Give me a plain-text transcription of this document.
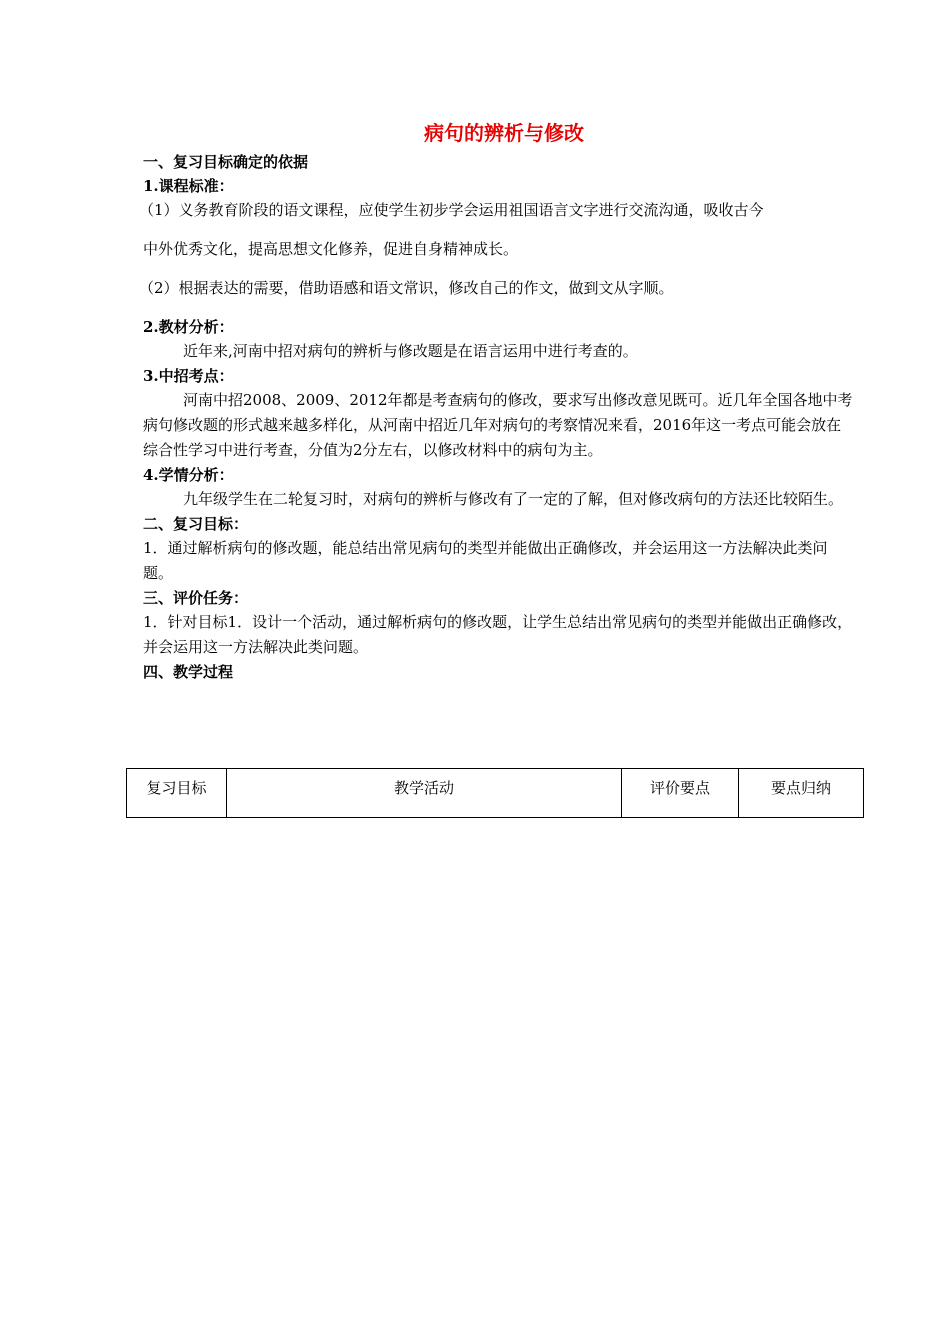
病句的辨析与修改
一、复习目标确定的依据
1.课程标准：
（1）义务教育阶段的语文课程，应使学生初步学会运用祖国语言文字进行交流沟通，吸收古今
中外优秀文化，提高思想文化修养，促进自身精神成长。
（2）根据表达的需要，借助语感和语文常识，修改自己的作文，做到文从字顺。
2.教材分析：
近年来,河南中招对病句的辨析与修改题是在语言运用中进行考查的。
3.中招考点：
河南中招2008、2009、2012年都是考查病句的修改，要求写出修改意见既可。近几年全国各地中考病句修改题的形式越来越多样化，从河南中招近几年对病句的考察情况来看，2016年这一考点可能会放在综合性学习中进行考查，分值为2分左右，以修改材料中的病句为主。
4.学情分析：
九年级学生在二轮复习时，对病句的辨析与修改有了一定的了解，但对修改病句的方法还比较陌生。
二、复习目标：
1．通过解析病句的修改题，能总结出常见病句的类型并能做出正确修改，并会运用这一方法解决此类问题。
三、评价任务：
1．针对目标1．设计一个活动，通过解析病句的修改题，让学生总结出常见病句的类型并能做出正确修改，并会运用这一方法解决此类问题。
四、教学过程
复习目标	教学活动	评价要点	要点归纳
